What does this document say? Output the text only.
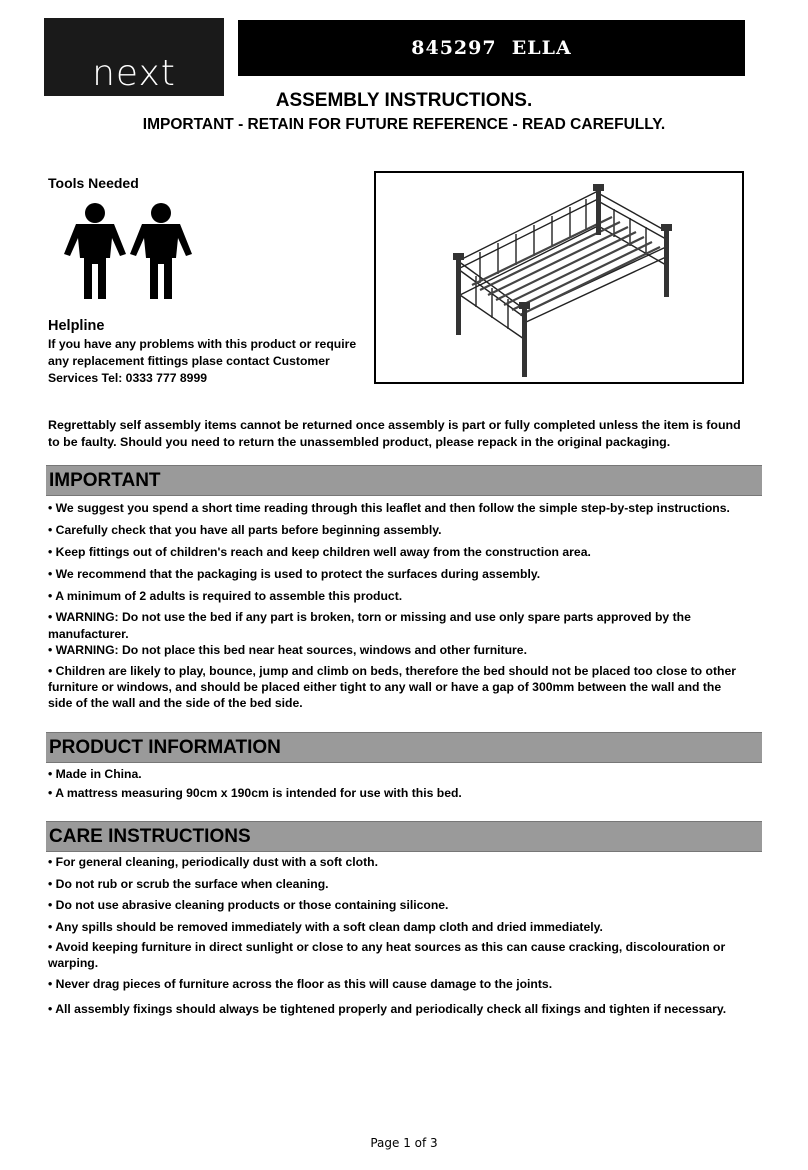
next
845297  ELLA
ASSEMBLY INSTRUCTIONS.
IMPORTANT - RETAIN FOR FUTURE REFERENCE - READ CAREFULLY.
Tools Needed
Helpline
If you have any problems with this product or require
any replacement fittings plase contact Customer
Services Tel: 0333 777 8999
Regrettably self assembly items cannot be returned once assembly is part or fully completed unless the item is found
to be faulty. Should you need to return the unassembled product, please repack in the original packaging.
IMPORTANT
• We suggest you spend a short time reading through this leaflet and then follow the simple step-by-step instructions.
• Carefully check that you have all parts before beginning assembly.
• Keep fittings out of children's reach and keep children well away from the construction area.
• We recommend that the packaging is used to protect the surfaces during assembly.
• A minimum of 2 adults is required to assemble this product.
• WARNING: Do not use the bed if any part is broken, torn or missing and use only spare parts approved by the
manufacturer.
• WARNING: Do not place this bed near heat sources, windows and other furniture.
• Children are likely to play, bounce, jump and climb on beds, therefore the bed should not be placed too close to other
furniture or windows, and should be placed either tight to any wall or have a gap of 300mm between the wall and the
side of the wall and the side of the bed side.
PRODUCT INFORMATION
• Made in China.
• A mattress measuring 90cm x 190cm is intended for use with this bed.
CARE INSTRUCTIONS
• For general cleaning, periodically dust with a soft cloth.
• Do not rub or scrub the surface when cleaning.
• Do not use abrasive cleaning products or those containing silicone.
• Any spills should be removed immediately with a soft clean damp cloth and dried immediately.
• Avoid keeping furniture in direct sunlight or close to any heat sources as this can cause cracking, discolouration or
warping.
• Never drag pieces of furniture across the floor as this will cause damage to the joints.
• All assembly fixings should always be tightened properly and periodically check all fixings and tighten if necessary.
Page 1 of 3
